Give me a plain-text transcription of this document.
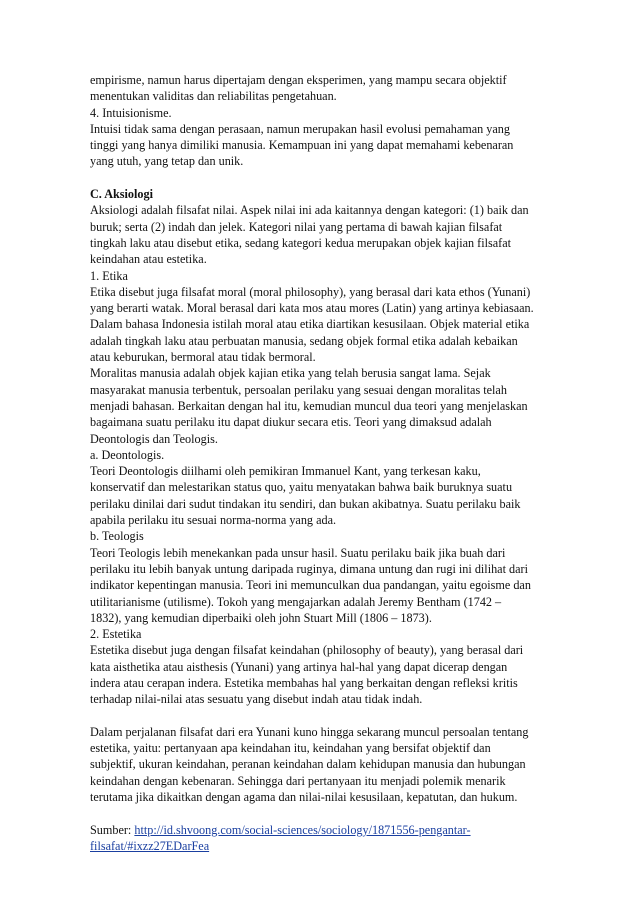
empirisme, namun harus dipertajam dengan eksperimen, yang mampu secara objektif
menentukan validitas dan reliabilitas pengetahuan.
4. Intuisionisme.
Intuisi tidak sama dengan perasaan, namun merupakan hasil evolusi pemahaman yang
tinggi yang hanya dimiliki manusia. Kemampuan ini yang dapat memahami kebenaran
yang utuh, yang tetap dan unik.
C. Aksiologi
Aksiologi adalah filsafat nilai. Aspek nilai ini ada kaitannya dengan kategori: (1) baik dan
buruk; serta (2) indah dan jelek. Kategori nilai yang pertama di bawah kajian filsafat
tingkah laku atau disebut etika, sedang kategori kedua merupakan objek kajian filsafat
keindahan atau estetika.
1. Etika
Etika disebut juga filsafat moral (moral philosophy), yang berasal dari kata ethos (Yunani)
yang berarti watak. Moral berasal dari kata mos atau mores (Latin) yang artinya kebiasaan.
Dalam bahasa Indonesia istilah moral atau etika diartikan kesusilaan. Objek material etika
adalah tingkah laku atau perbuatan manusia, sedang objek formal etika adalah kebaikan
atau keburukan, bermoral atau tidak bermoral.
Moralitas manusia adalah objek kajian etika yang telah berusia sangat lama. Sejak
masyarakat manusia terbentuk, persoalan perilaku yang sesuai dengan moralitas telah
menjadi bahasan. Berkaitan dengan hal itu, kemudian muncul dua teori yang menjelaskan
bagaimana suatu perilaku itu dapat diukur secara etis. Teori yang dimaksud adalah
Deontologis dan Teologis.
a. Deontologis.
Teori Deontologis diilhami oleh pemikiran Immanuel Kant, yang terkesan kaku,
konservatif dan melestarikan status quo, yaitu menyatakan bahwa baik buruknya suatu
perilaku dinilai dari sudut tindakan itu sendiri, dan bukan akibatnya. Suatu perilaku baik
apabila perilaku itu sesuai norma-norma yang ada.
b. Teologis
Teori Teologis lebih menekankan pada unsur hasil. Suatu perilaku baik jika buah dari
perilaku itu lebih banyak untung daripada ruginya, dimana untung dan rugi ini dilihat dari
indikator kepentingan manusia. Teori ini memunculkan dua pandangan, yaitu egoisme dan
utilitarianisme (utilisme). Tokoh yang mengajarkan adalah Jeremy Bentham (1742 –
1832), yang kemudian diperbaiki oleh john Stuart Mill (1806 – 1873).
2. Estetika
Estetika disebut juga dengan filsafat keindahan (philosophy of beauty), yang berasal dari
kata aisthetika atau aisthesis (Yunani) yang artinya hal-hal yang dapat dicerap dengan
indera atau cerapan indera. Estetika membahas hal yang berkaitan dengan refleksi kritis
terhadap nilai-nilai atas sesuatu yang disebut indah atau tidak indah.
Dalam perjalanan filsafat dari era Yunani kuno hingga sekarang muncul persoalan tentang
estetika, yaitu: pertanyaan apa keindahan itu, keindahan yang bersifat objektif dan
subjektif, ukuran keindahan, peranan keindahan dalam kehidupan manusia dan hubungan
keindahan dengan kebenaran. Sehingga dari pertanyaan itu menjadi polemik menarik
terutama jika dikaitkan dengan agama dan nilai-nilai kesusilaan, kepatutan, dan hukum.
Sumber: http://id.shvoong.com/social-sciences/sociology/1871556-pengantar-
filsafat/#ixzz27EDarFea
